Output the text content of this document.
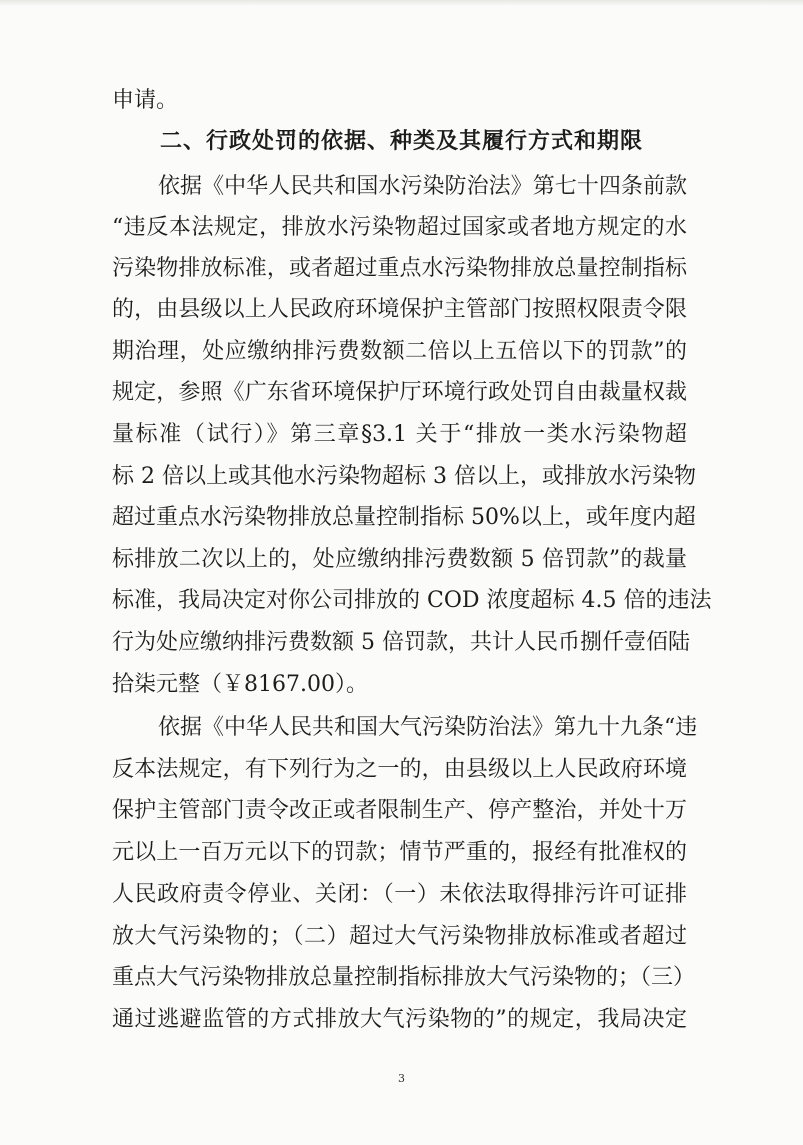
申请。
二、行政处罚的依据、种类及其履行方式和期限
依据《中华人民共和国水污染防治法》第七十四条前款
“违反本法规定，排放水污染物超过国家或者地方规定的水
污染物排放标准，或者超过重点水污染物排放总量控制指标
的，由县级以上人民政府环境保护主管部门按照权限责令限
期治理，处应缴纳排污费数额二倍以上五倍以下的罚款”的
规定，参照《广东省环境保护厅环境行政处罚自由裁量权裁
量标准（试行）》第三章§3.1 关于“排放一类水污染物超
标 2 倍以上或其他水污染物超标 3 倍以上，或排放水污染物
超过重点水污染物排放总量控制指标 50%以上，或年度内超
标排放二次以上的，处应缴纳排污费数额 5 倍罚款”的裁量
标准，我局决定对你公司排放的 COD 浓度超标 4.5 倍的违法
行为处应缴纳排污费数额 5 倍罚款，共计人民币捌仟壹佰陆
拾柒元整（￥8167.00）。
依据《中华人民共和国大气污染防治法》第九十九条“违
反本法规定，有下列行为之一的，由县级以上人民政府环境
保护主管部门责令改正或者限制生产、停产整治，并处十万
元以上一百万元以下的罚款；情节严重的，报经有批准权的
人民政府责令停业、关闭：（一）未依法取得排污许可证排
放大气污染物的；（二）超过大气污染物排放标准或者超过
重点大气污染物排放总量控制指标排放大气污染物的；（三）
通过逃避监管的方式排放大气污染物的”的规定，我局决定
3
